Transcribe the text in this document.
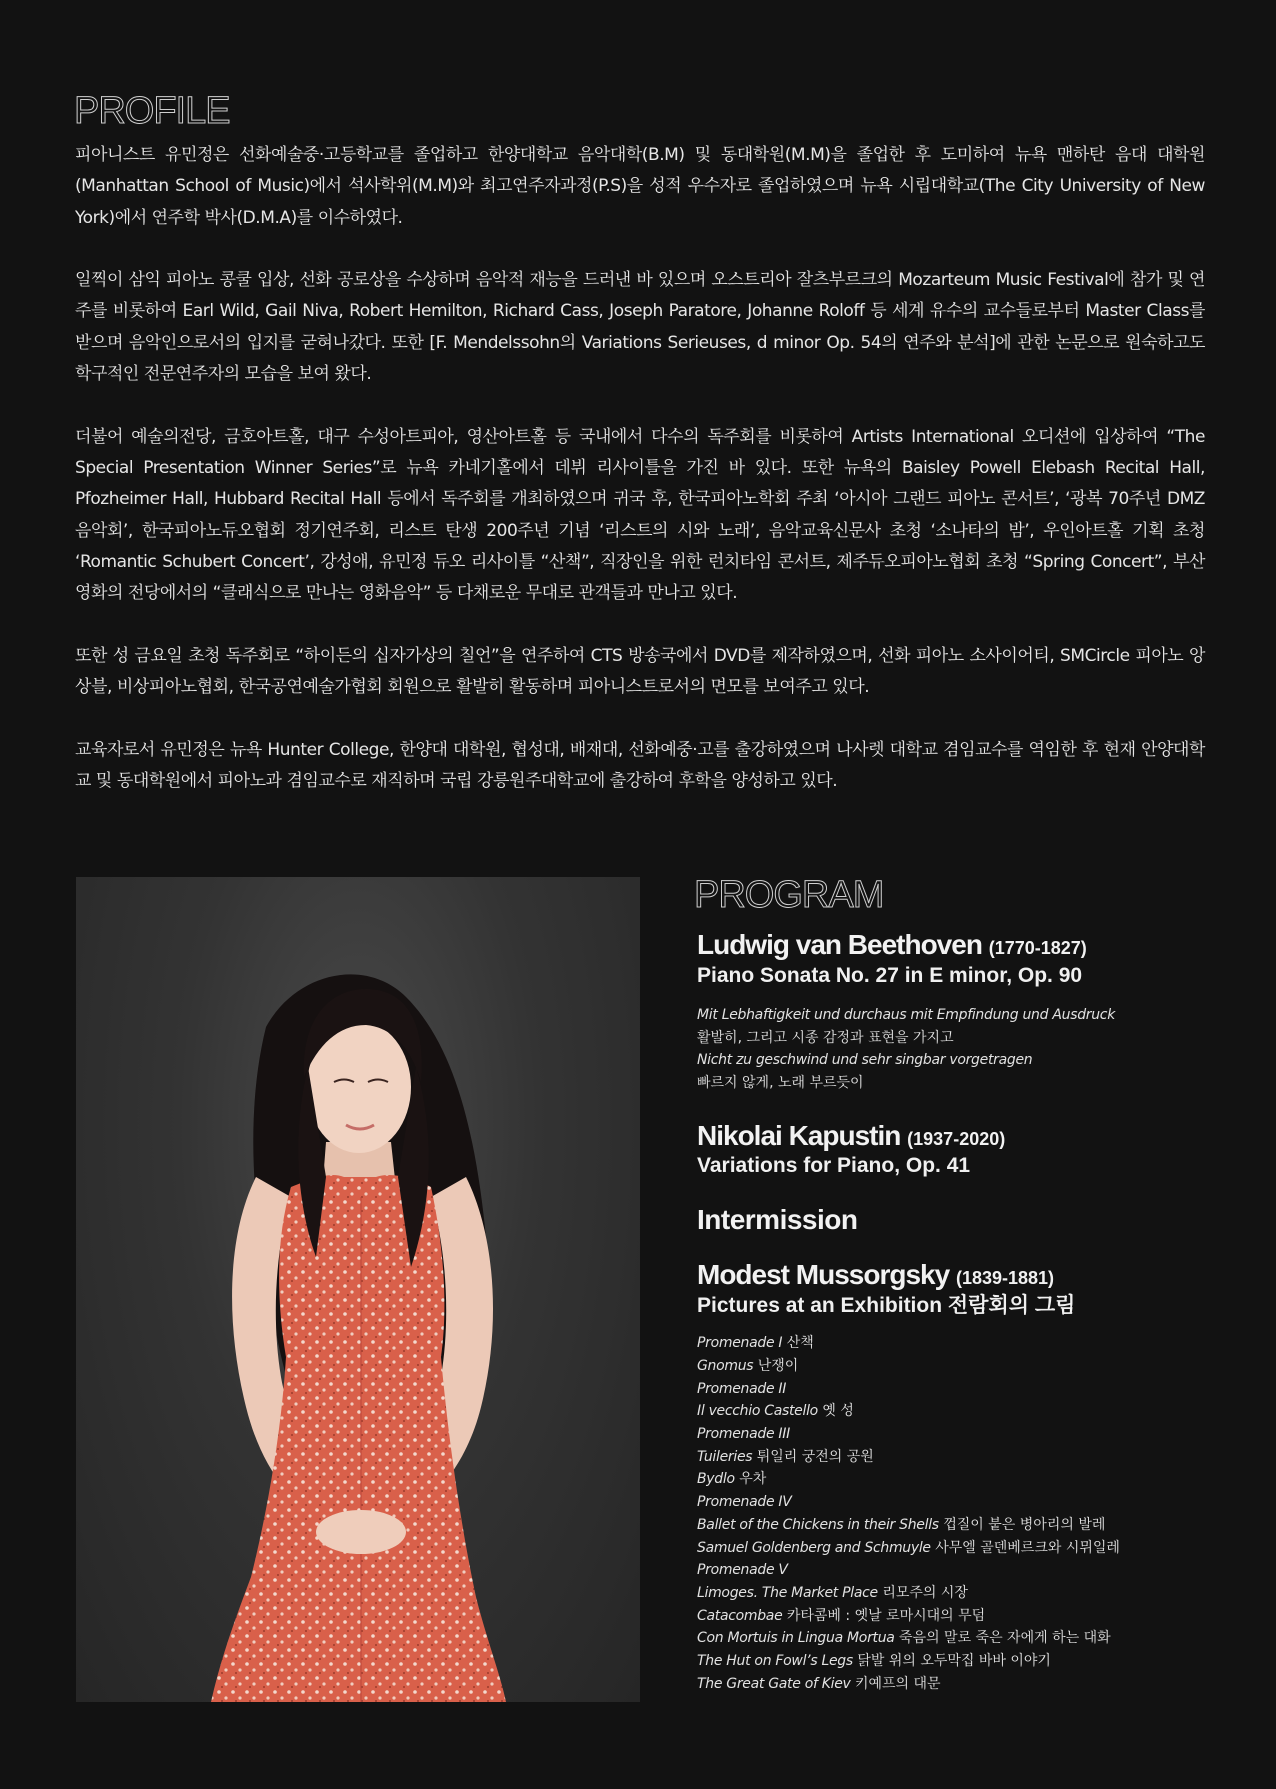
PROFILE

피아니스트 유민정은 선화예술중·고등학교를 졸업하고 한양대학교 음악대학(B.M) 및 동대학원(M.M)을 졸업한 후 도미하여 뉴욕 맨하탄 음대 대학원(Manhattan School of Music)에서 석사학위(M.M)와 최고연주자과정(P.S)을 성적 우수자로 졸업하였으며 뉴욕 시립대학교(The City University of New York)에서 연주학 박사(D.M.A)를 이수하였다.

일찍이 삼익 피아노 콩쿨 입상, 선화 공로상을 수상하며 음악적 재능을 드러낸 바 있으며 오스트리아 잘츠부르크의 Mozarteum Music Festival에 참가 및 연주를 비롯하여 Earl Wild, Gail Niva, Robert Hemilton, Richard Cass, Joseph Paratore, Johanne Roloff 등 세계 유수의 교수들로부터 Master Class를 받으며 음악인으로서의 입지를 굳혀나갔다. 또한 [F. Mendelssohn의 Variations Serieuses, d minor Op. 54의 연주와 분석]에 관한 논문으로 원숙하고도 학구적인 전문연주자의 모습을 보여 왔다.

더불어 예술의전당, 금호아트홀, 대구 수성아트피아, 영산아트홀 등 국내에서 다수의 독주회를 비롯하여 Artists International 오디션에 입상하여 “The Special Presentation Winner Series”로 뉴욕 카네기홀에서 데뷔 리사이틀을 가진 바 있다. 또한 뉴욕의 Baisley Powell Elebash Recital Hall, Pfozheimer Hall, Hubbard Recital Hall 등에서 독주회를 개최하였으며 귀국 후, 한국피아노학회 주최 ‘아시아 그랜드 피아노 콘서트’, ‘광복 70주년 DMZ 음악회’, 한국피아노듀오협회 정기연주회, 리스트 탄생 200주년 기념 ‘리스트의 시와 노래’, 음악교육신문사 초청 ‘소나타의 밤’, 우인아트홀 기획 초청 ‘Romantic Schubert Concert’, 강성애, 유민정 듀오 리사이틀 “산책”, 직장인을 위한 런치타임 콘서트, 제주듀오피아노협회 초청 “Spring Concert”, 부산 영화의 전당에서의 “클래식으로 만나는 영화음악” 등 다채로운 무대로 관객들과 만나고 있다.

또한 성 금요일 초청 독주회로 “하이든의 십자가상의 칠언”을 연주하여 CTS 방송국에서 DVD를 제작하였으며, 선화 피아노 소사이어티, SMCircle 피아노 앙상블, 비상피아노협회, 한국공연예술가협회 회원으로 활발히 활동하며 피아니스트로서의 면모를 보여주고 있다.

교육자로서 유민정은 뉴욕 Hunter College, 한양대 대학원, 협성대, 배재대, 선화예중·고를 출강하였으며 나사렛 대학교 겸임교수를 역임한 후 현재 안양대학교 및 동대학원에서 피아노과 겸임교수로 재직하며 국립 강릉원주대학교에 출강하여 후학을 양성하고 있다.

PROGRAM

Ludwig van Beethoven (1770-1827)

Piano Sonata No. 27 in E minor, Op. 90

Mit Lebhaftigkeit und durchaus mit Empfindung und Ausdruck

활발히, 그리고 시종 감정과 표현을 가지고

Nicht zu geschwind und sehr singbar vorgetragen

빠르지 않게, 노래 부르듯이

Nikolai Kapustin (1937-2020)

Variations for Piano, Op. 41

Intermission

Modest Mussorgsky (1839-1881)

Pictures at an Exhibition 전람회의 그림

Promenade I 산책

Gnomus 난쟁이

Promenade II

Il vecchio Castello 옛 성

Promenade III

Tuileries 튀일리 궁전의 공원

Bydlo 우차

Promenade IV

Ballet of the Chickens in their Shells 껍질이 붙은 병아리의 발레

Samuel Goldenberg and Schmuyle 사무엘 골덴베르크와 시뮈일레

Promenade V

Limoges. The Market Place 리모주의 시장

Catacombae 카타콤베 : 옛날 로마시대의 무덤

Con Mortuis in Lingua Mortua 죽음의 말로 죽은 자에게 하는 대화

The Hut on Fowl’s Legs 닭발 위의 오두막집 바바 이야기

The Great Gate of Kiev 키예프의 대문
